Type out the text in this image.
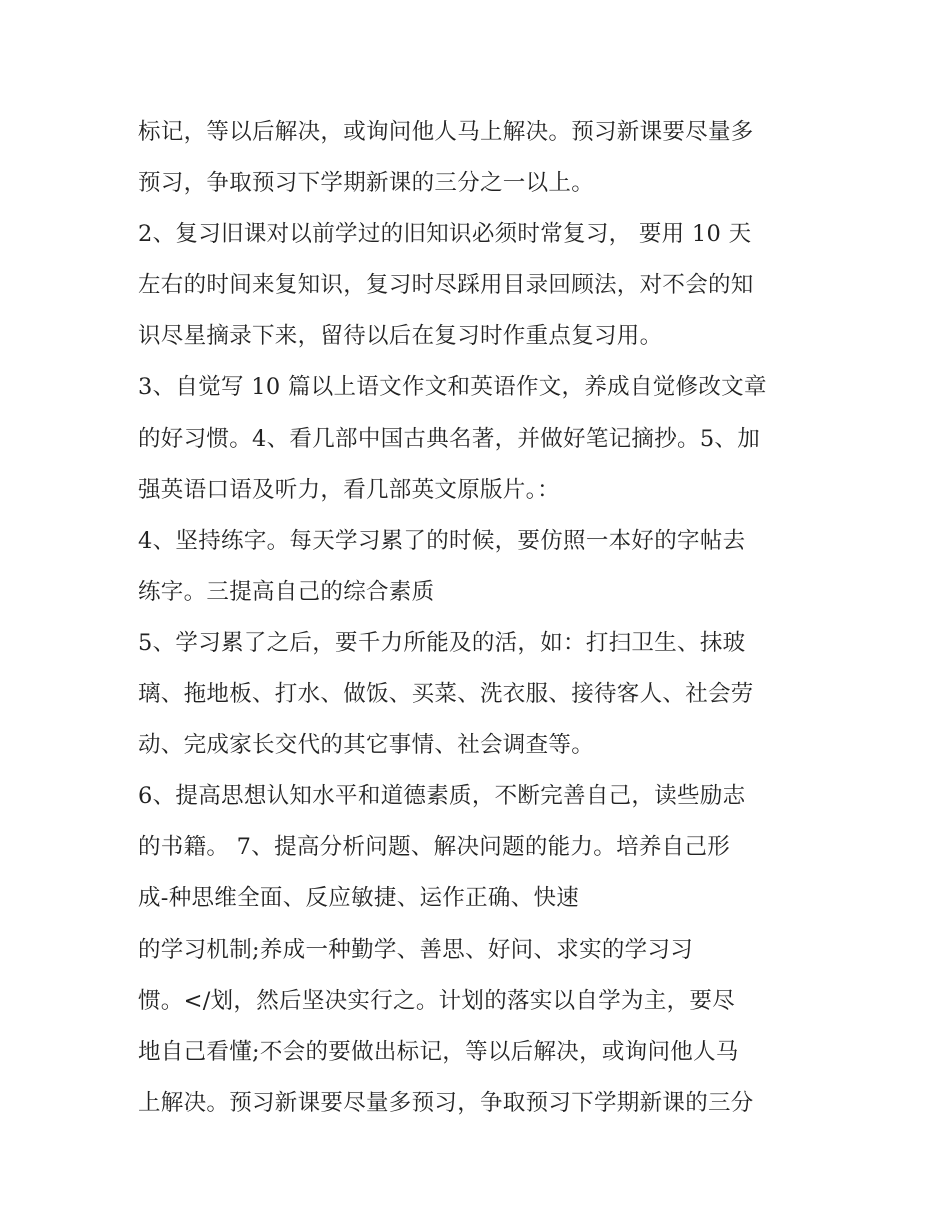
标记，等以后解决，或询问他人马上解决。预习新课要尽量多
预习，争取预习下学期新课的三分之一以上。
2、复习旧课对以前学过的旧知识必须时常复习， 要用 10 天
左右的时间来复知识，复习时尽踩用目录回顾法，对不会的知
识尽星摘录下来，留待以后在复习时作重点复习用。
3、自觉写 10 篇以上语文作文和英语作文，养成自觉修改文章
的好习惯。4、看几部中国古典名著，并做好笔记摘抄。5、加
强英语口语及听力，看几部英文原版片。：
4、坚持练字。每天学习累了的时候，要仿照一本好的字帖去
练字。三提高自己的综合素质
5、学习累了之后，要千力所能及的活，如：打扫卫生、抹玻
璃、拖地板、打水、做饭、买菜、洗衣服、接待客人、社会劳
动、完成家长交代的其它事情、社会调查等。
6、提高思想认知水平和道德素质，不断完善自己，读些励志
的书籍。 7、提高分析问题、解决问题的能力。培养自己形
成-种思维全面、反应敏捷、运作正确、快速
的学习机制;养成一种勤学、善思、好问、求实的学习习
惯。</划，然后坚决实行之。计划的落实以自学为主，要尽
地自己看懂;不会的要做出标记，等以后解决，或询问他人马
上解决。预习新课要尽量多预习，争取预习下学期新课的三分
